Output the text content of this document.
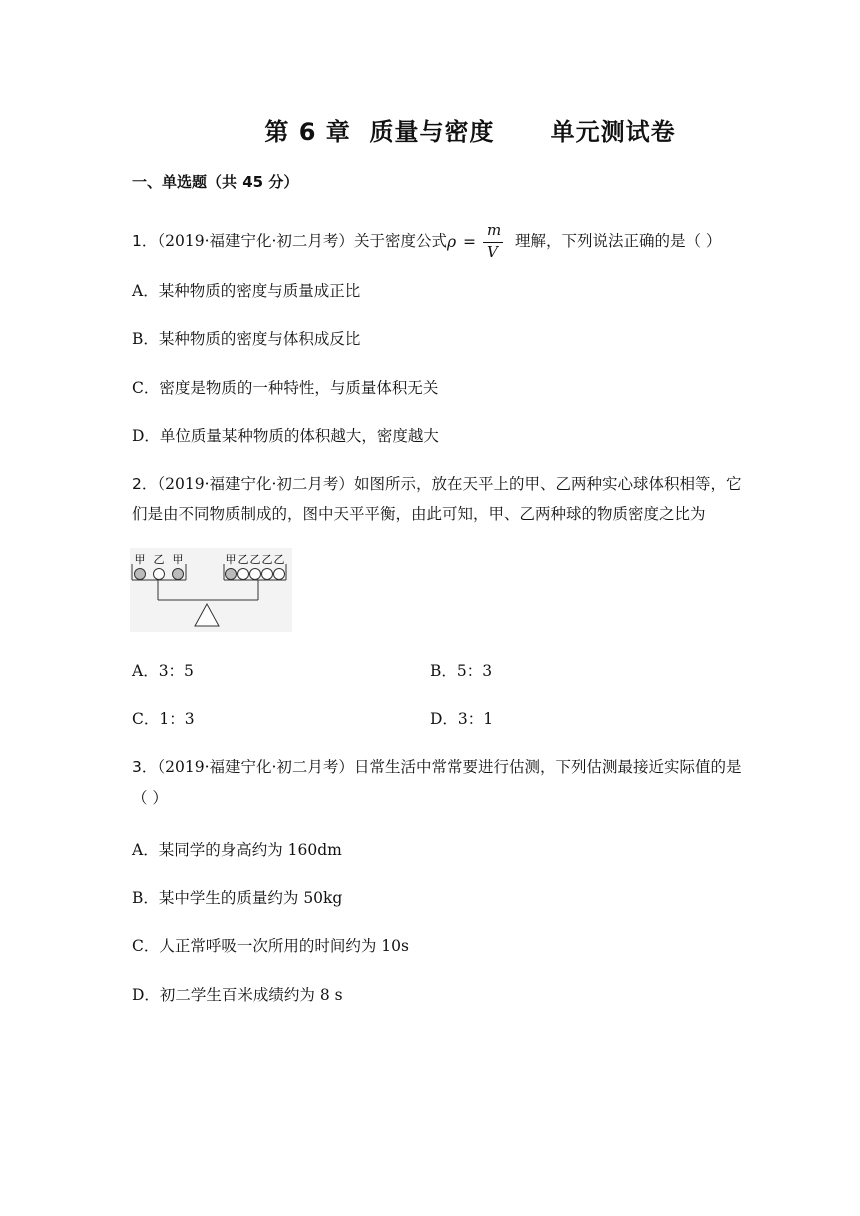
第 6 章  质量与密度      单元测试卷
一、单选题（共 45 分）
1．（2019·福建宁化·初二月考）关于密度公式 ρ =
m
V
理解，下列说法正确的是（ ）
A．某种物质的密度与质量成正比
B．某种物质的密度与体积成反比
C．密度是物质的一种特性，与质量体积无关
D．单位质量某种物质的体积越大，密度越大
2．（2019·福建宁化·初二月考）如图所示，放在天平上的甲、乙两种实心球体积相等，它
们是由不同物质制成的，图中天平平衡，由此可知，甲、乙两种球的物质密度之比为
甲 乙 甲	甲 乙 乙 乙 乙
A．3：5	B．5：3
C．1：3	D．3：1
3．（2019·福建宁化·初二月考）日常生活中常常要进行估测，下列估测最接近实际值的是
（ ）
A．某同学的身高约为 160dm
B．某中学生的质量约为 50kg
C．人正常呼吸一次所用的时间约为 10s
D．初二学生百米成绩约为 8 s
